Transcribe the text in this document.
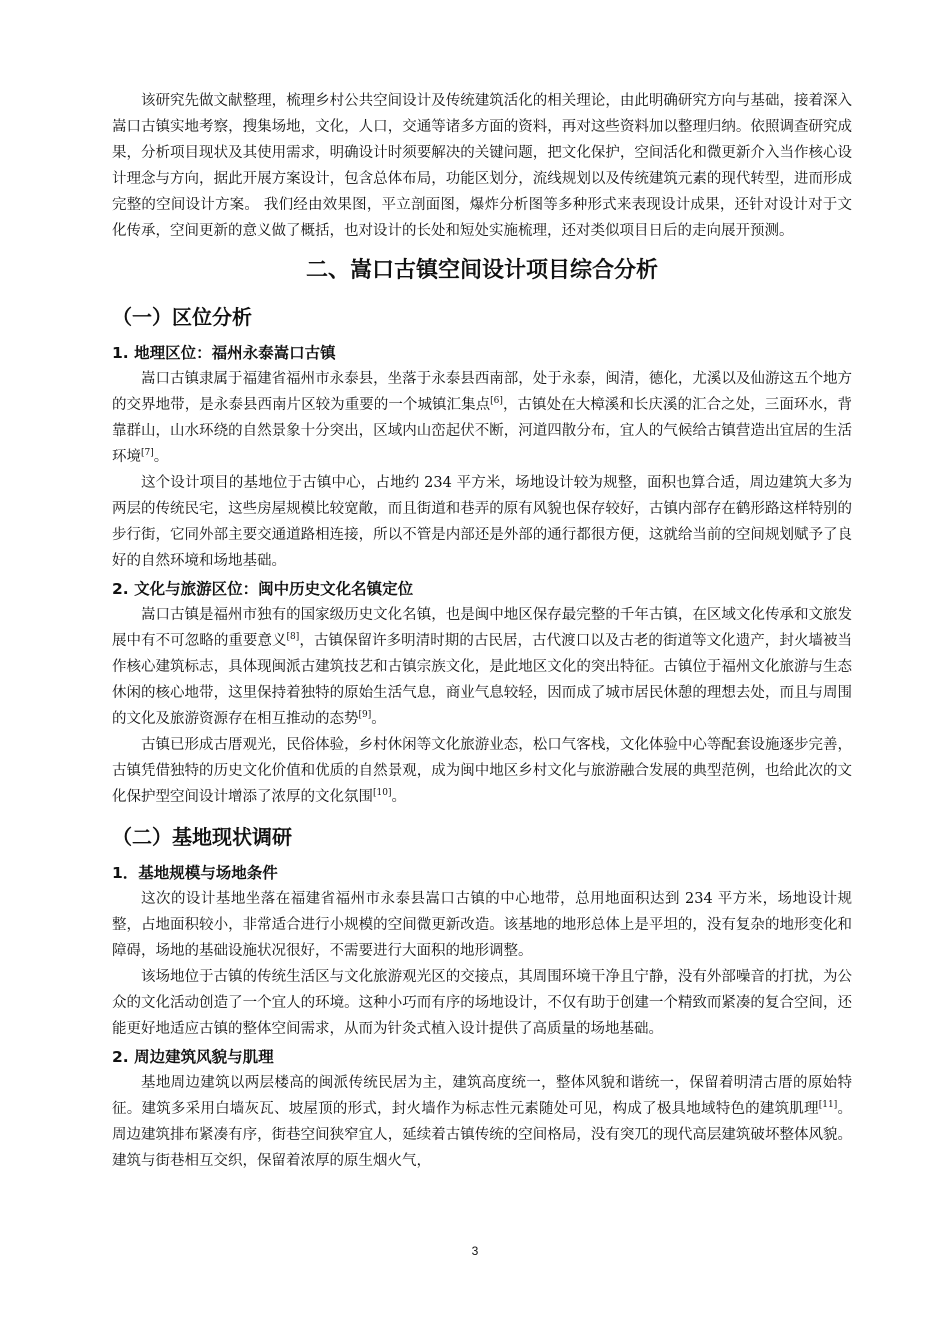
该研究先做文献整理，梳理乡村公共空间设计及传统建筑活化的相关理论，由此明确研究方向与基础，接着深入嵩口古镇实地考察，搜集场地，文化，人口，交通等诸多方面的资料，再对这些资料加以整理归纳。依照调查研究成果，分析项目现状及其使用需求，明确设计时须要解决的关键问题，把文化保护，空间活化和微更新介入当作核心设计理念与方向，据此开展方案设计，包含总体布局，功能区划分，流线规划以及传统建筑元素的现代转型，进而形成完整的空间设计方案。 我们经由效果图，平立剖面图，爆炸分析图等多种形式来表现设计成果，还针对设计对于文化传承，空间更新的意义做了概括，也对设计的长处和短处实施梳理，还对类似项目日后的走向展开预测。

二、嵩口古镇空间设计项目综合分析
（一）区位分析
1. 地理区位：福州永泰嵩口古镇

嵩口古镇隶属于福建省福州市永泰县，坐落于永泰县西南部，处于永泰，闽清，德化，尤溪以及仙游这五个地方的交界地带，是永泰县西南片区较为重要的一个城镇汇集点[6]，古镇处在大樟溪和长庆溪的汇合之处，三面环水，背靠群山，山水环绕的自然景象十分突出，区域内山峦起伏不断，河道四散分布，宜人的气候给古镇营造出宜居的生活环境[7]。

这个设计项目的基地位于古镇中心，占地约 234 平方米，场地设计较为规整，面积也算合适，周边建筑大多为两层的传统民宅，这些房屋规模比较宽敞，而且街道和巷弄的原有风貌也保存较好，古镇内部存在鹤形路这样特别的步行街，它同外部主要交通道路相连接，所以不管是内部还是外部的通行都很方便，这就给当前的空间规划赋予了良好的自然环境和场地基础。

2. 文化与旅游区位：闽中历史文化名镇定位

嵩口古镇是福州市独有的国家级历史文化名镇，也是闽中地区保存最完整的千年古镇，在区域文化传承和文旅发展中有不可忽略的重要意义[8]，古镇保留许多明清时期的古民居，古代渡口以及古老的街道等文化遗产，封火墙被当作核心建筑标志，具体现闽派古建筑技艺和古镇宗族文化，是此地区文化的突出特征。古镇位于福州文化旅游与生态休闲的核心地带，这里保持着独特的原始生活气息，商业气息较轻，因而成了城市居民休憩的理想去处，而且与周围的文化及旅游资源存在相互推动的态势[9]。

古镇已形成古厝观光，民俗体验，乡村休闲等文化旅游业态，松口气客栈，文化体验中心等配套设施逐步完善，古镇凭借独特的历史文化价值和优质的自然景观，成为闽中地区乡村文化与旅游融合发展的典型范例，也给此次的文化保护型空间设计增添了浓厚的文化氛围[10]。

（二）基地现状调研
1．基地规模与场地条件

这次的设计基地坐落在福建省福州市永泰县嵩口古镇的中心地带，总用地面积达到 234 平方米，场地设计规整，占地面积较小，非常适合进行小规模的空间微更新改造。该基地的地形总体上是平坦的，没有复杂的地形变化和障碍，场地的基础设施状况很好，不需要进行大面积的地形调整。

该场地位于古镇的传统生活区与文化旅游观光区的交接点，其周围环境干净且宁静，没有外部噪音的打扰，为公众的文化活动创造了一个宜人的环境。这种小巧而有序的场地设计，不仅有助于创建一个精致而紧凑的复合空间，还能更好地适应古镇的整体空间需求，从而为针灸式植入设计提供了高质量的场地基础。

2. 周边建筑风貌与肌理

基地周边建筑以两层楼高的闽派传统民居为主，建筑高度统一，整体风貌和谐统一，保留着明清古厝的原始特征。建筑多采用白墙灰瓦、坡屋顶的形式，封火墙作为标志性元素随处可见，构成了极具地域特色的建筑肌理[11]。周边建筑排布紧凑有序，街巷空间狭窄宜人，延续着古镇传统的空间格局，没有突兀的现代高层建筑破坏整体风貌。建筑与街巷相互交织，保留着浓厚的原生烟火气，

3
